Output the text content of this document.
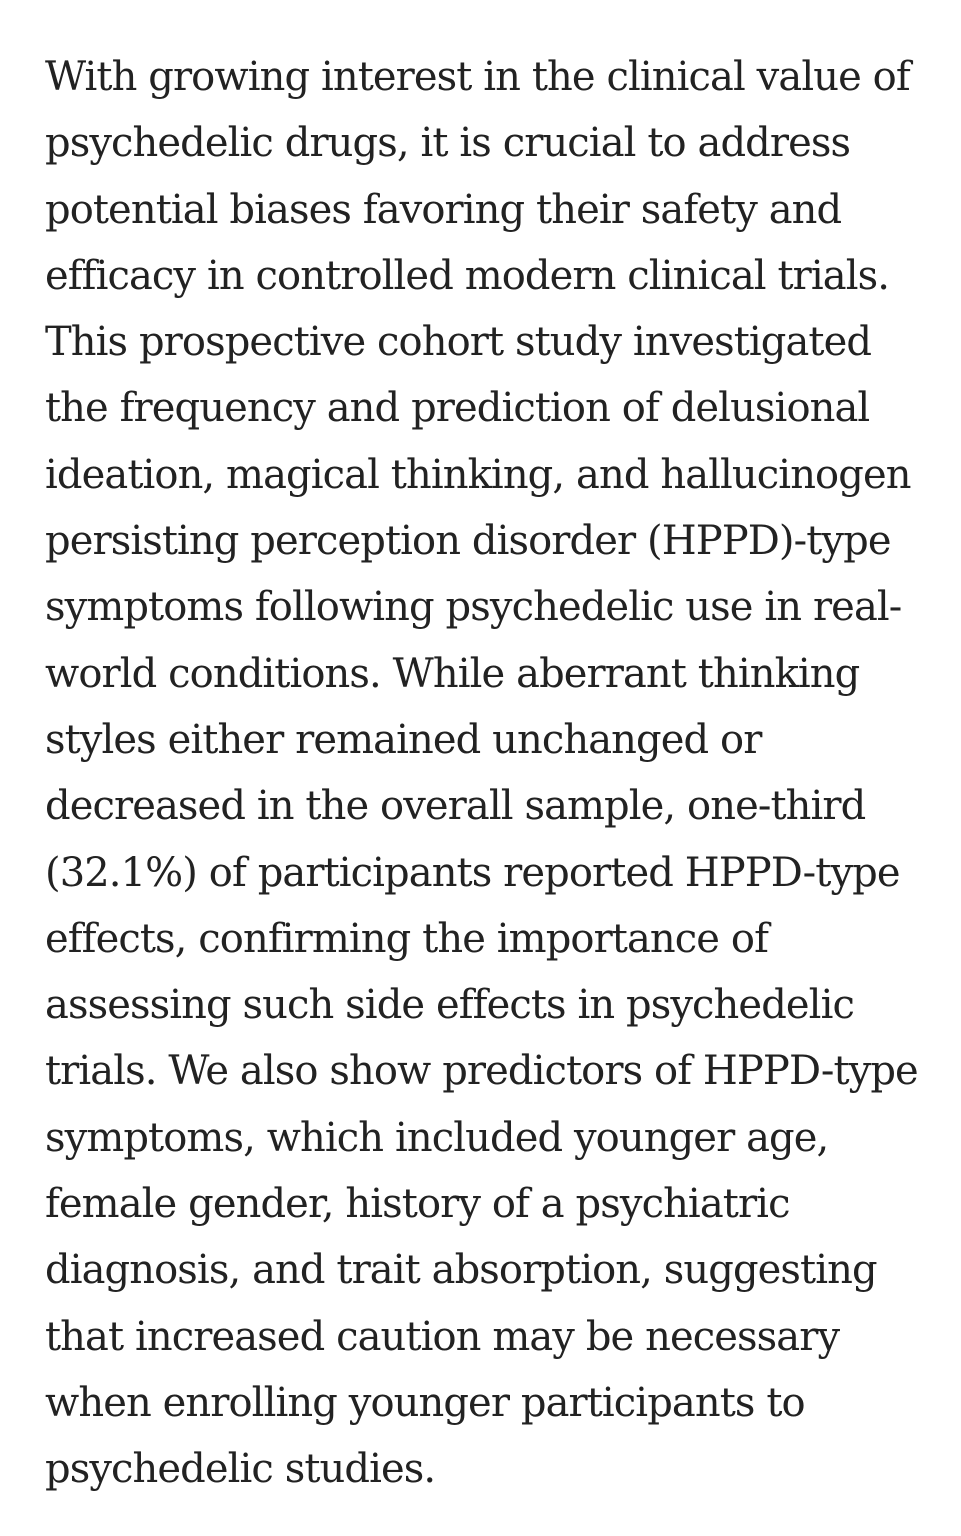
With growing interest in the clinical value of
psychedelic drugs, it is crucial to address
potential biases favoring their safety and
efficacy in controlled modern clinical trials.
This prospective cohort study investigated
the frequency and prediction of delusional
ideation, magical thinking, and hallucinogen
persisting perception disorder (HPPD)-type
symptoms following psychedelic use in real-
world conditions. While aberrant thinking
styles either remained unchanged or
decreased in the overall sample, one-third
(32.1%) of participants reported HPPD-type
effects, confirming the importance of
assessing such side effects in psychedelic
trials. We also show predictors of HPPD-type
symptoms, which included younger age,
female gender, history of a psychiatric
diagnosis, and trait absorption, suggesting
that increased caution may be necessary
when enrolling younger participants to
psychedelic studies.
